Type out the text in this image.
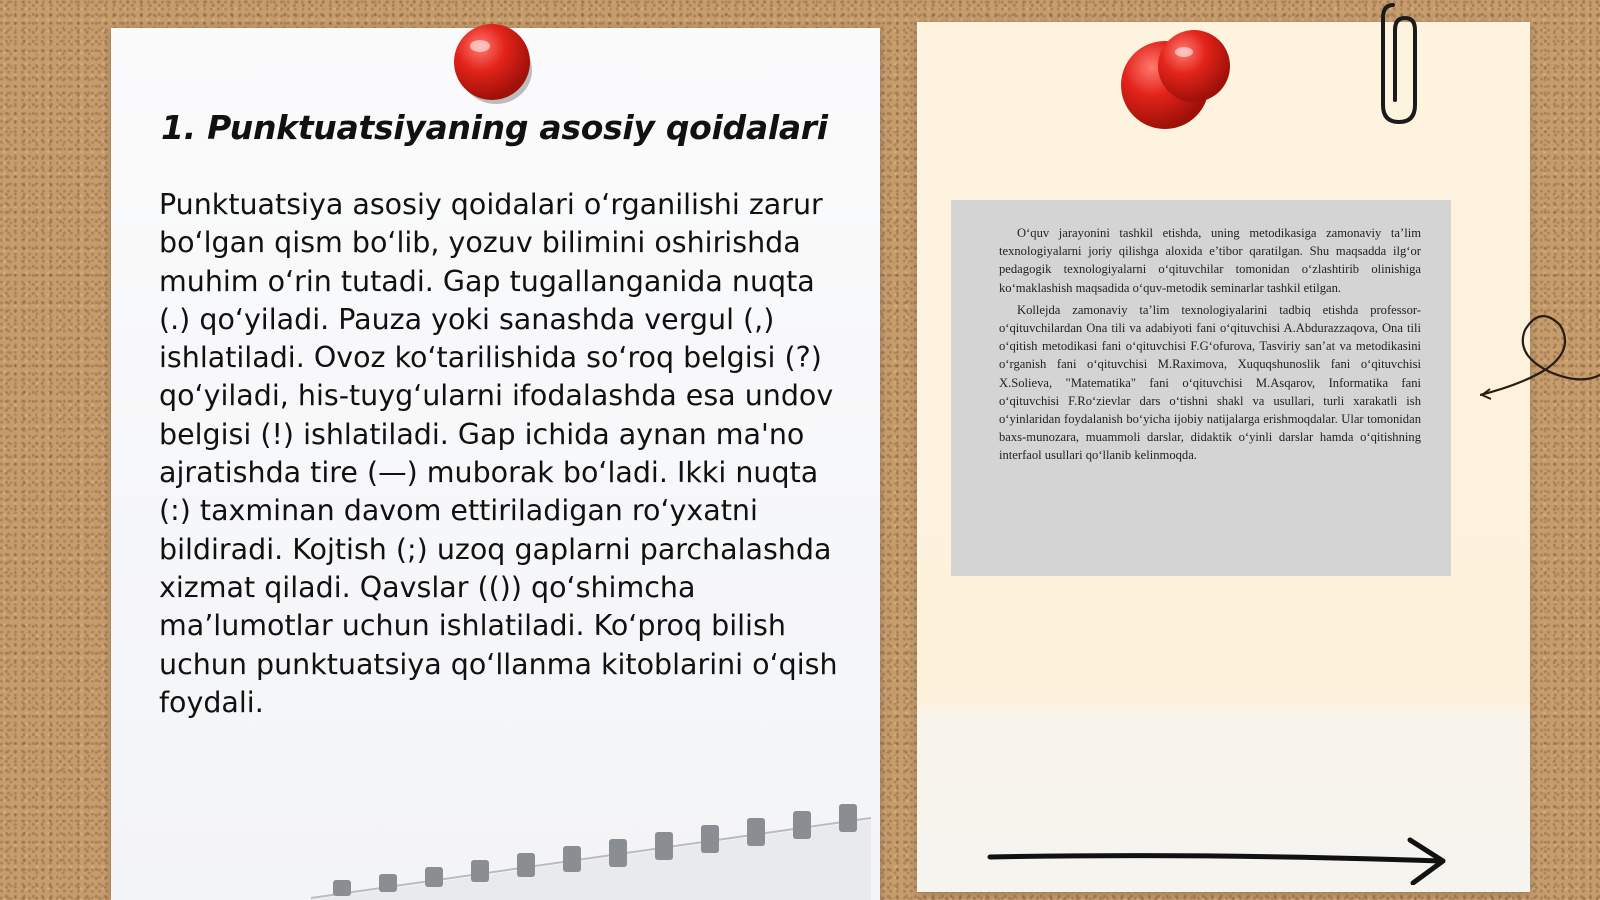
1. Punktuatsiyaning asosiy qoidalari

Punktuatsiya asosiy qoidalari o‘rganilishi zarur bo‘lgan qism bo‘lib, yozuv bilimini oshirishda muhim o‘rin tutadi. Gap tugallanganida nuqta (.) qo‘yiladi. Pauza yoki sanashda vergul (,) ishlatiladi. Ovoz ko‘tarilishida so‘roq belgisi (?) qo‘yiladi, his-tuyg‘ularni ifodalashda esa undov belgisi (!) ishlatiladi. Gap ichida aynan ma'no ajratishda tire (—) muborak bo‘ladi. Ikki nuqta (:) taxminan davom ettiriladigan ro‘yxatni bildiradi. Kojtish (;) uzoq gaplarni parchalashda xizmat qiladi. Qavslar (()) qo‘shimcha ma’lumotlar uchun ishlatiladi. Ko‘proq bilish uchun punktuatsiya qo‘llanma kitoblarini o‘qish foydali.

O‘quv jarayonini tashkil etishda, uning metodikasiga zamonaviy ta’lim texnologiyalarni joriy qilishga aloxida e’tibor qaratilgan. Shu maqsadda ilg‘or pedagogik texnologiyalarni o‘qituvchilar tomonidan o‘zlashtirib olinishiga ko‘maklashish maqsadida o‘quv-metodik seminarlar tashkil etilgan.

Kollejda zamonaviy ta’lim texnologiyalarini tadbiq etishda professor-o‘qituvchilardan Ona tili va adabiyoti fani o‘qituvchisi A.Abdurazzaqova, Ona tili o‘qitish metodikasi fani o‘qituvchisi F.G‘ofurova, Tasviriy san’at va metodikasini o‘rganish fani o‘qituvchisi M.Raximova, Xuquqshunoslik fani o‘qituvchisi X.Solieva, "Matematika" fani o‘qituvchisi M.Asqarov, Informatika fani o‘qituvchisi F.Ro‘zievlar dars o‘tishni shakl va usullari, turli xarakatli ish o‘yinlaridan foydalanish bo‘yicha ijobiy natijalarga erishmoqdalar. Ular tomonidan baxs-munozara, muammoli darslar, didaktik o‘yinli darslar hamda o‘qitishning interfaol usullari qo‘llanib kelinmoqda.
